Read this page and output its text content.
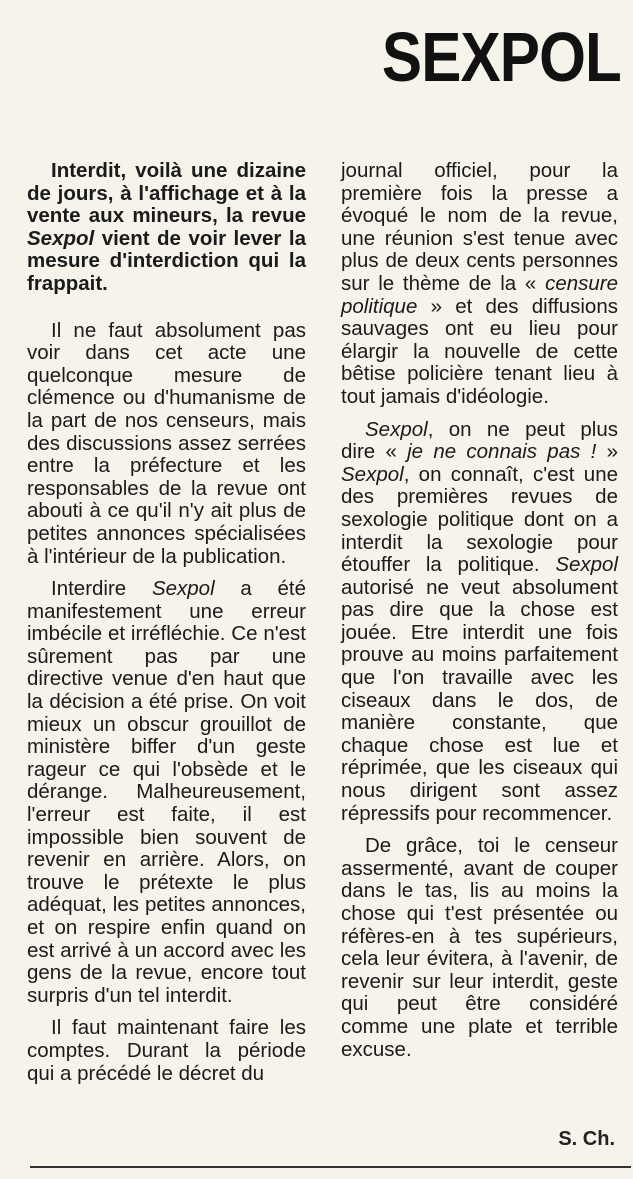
SEXPOL

Interdit, voilà une dizaine de jours, à l'affichage et à la vente aux mineurs, la revue Sexpol vient de voir lever la mesure d'interdiction qui la frappait.

Il ne faut absolument pas voir dans cet acte une quelconque mesure de clémence ou d'humanisme de la part de nos censeurs, mais des discussions assez serrées entre la préfecture et les responsables de la revue ont abouti à ce qu'il n'y ait plus de petites annonces spécialisées à l'intérieur de la publication.

Interdire Sexpol a été manifestement une erreur imbécile et irréfléchie. Ce n'est sûrement pas par une directive venue d'en haut que la décision a été prise. On voit mieux un obscur grouillot de ministère biffer d'un geste rageur ce qui l'obsède et le dérange. Malheureusement, l'erreur est faite, il est impossible bien souvent de revenir en arrière. Alors, on trouve le prétexte le plus adéquat, les petites annonces, et on respire enfin quand on est arrivé à un accord avec les gens de la revue, encore tout surpris d'un tel interdit.

Il faut maintenant faire les comptes. Durant la période qui a précédé le décret du

journal officiel, pour la première fois la presse a évoqué le nom de la revue, une réunion s'est tenue avec plus de deux cents personnes sur le thème de la « censure politique » et des diffusions sauvages ont eu lieu pour élargir la nouvelle de cette bêtise policière tenant lieu à tout jamais d'idéologie.

Sexpol, on ne peut plus dire « je ne connais pas ! » Sexpol, on connaît, c'est une des premières revues de sexologie politique dont on a interdit la sexologie pour étouffer la politique. Sexpol autorisé ne veut absolument pas dire que la chose est jouée. Etre interdit une fois prouve au moins parfaitement que l'on travaille avec les ciseaux dans le dos, de manière constante, que chaque chose est lue et réprimée, que les ciseaux qui nous dirigent sont assez répressifs pour recommencer.

De grâce, toi le censeur assermenté, avant de couper dans le tas, lis au moins la chose qui t'est présentée ou réfères-en à tes supérieurs, cela leur évitera, à l'avenir, de revenir sur leur interdit, geste qui peut être considéré comme une plate et terrible excuse.

S. Ch.
